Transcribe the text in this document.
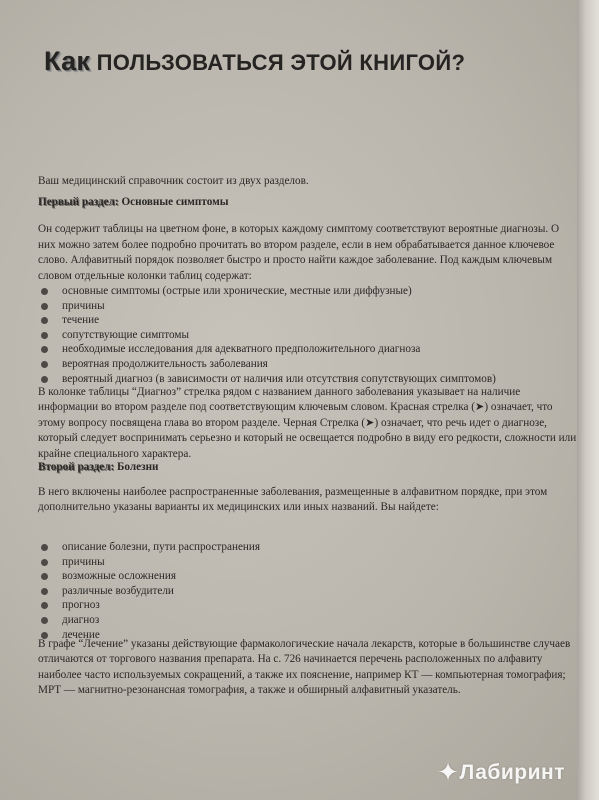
Как ПОЛЬЗОВАТЬСЯ ЭТОЙ КНИГОЙ?

Ваш медицинский справочник состоит из двух разделов.

Первый раздел: Основные симптомы

Он содержит таблицы на цветном фоне, в которых каждому симптому соответствуют вероятные диагнозы. О них можно затем более подробно прочитать во втором разделе, если в нем обрабатывается данное ключевое слово. Алфавитный порядок позволяет быстро и просто найти каждое заболевание. Под каждым ключевым словом отдельные колонки таблиц содержат:

основные симптомы (острые или хронические, местные или диффузные)
причины
течение
сопутствующие симптомы
необходимые исследования для адекватного предположительного диагноза
вероятная продолжительность заболевания
вероятный диагноз (в зависимости от наличия или отсутствия сопутствующих симптомов)

В колонке таблицы “Диагноз” стрелка рядом с названием данного заболевания указывает на наличие информации во втором разделе под соответствующим ключевым словом. Красная стрелка (➤) означает, что этому вопросу посвящена глава во втором разделе. Черная Стрелка (➤) означает, что речь идет о диагнозе, который следует воспринимать серьезно и который не освещается подробно в виду его редкости, сложности или крайне специального характера.

Второй раздел: Болезни

В него включены наиболее распространенные заболевания, размещенные в алфавитном порядке, при этом дополнительно указаны варианты их медицинских или иных названий. Вы найдете:

описание болезни, пути распространения
причины
возможные осложнения
различные возбудители
прогноз
диагноз
лечение

В графе “Лечение” указаны действующие фармакологические начала лекарств, которые в большинстве случаев отличаются от торгового названия препарата. На с. 726 начинается перечень расположенных по алфавиту наиболее часто используемых сокращений, а также их пояснение, например КТ — компьютерная томография; МРТ — магнитно-резонансная томография, а также и обширный алфавитный указатель.

✦Лабиринт
